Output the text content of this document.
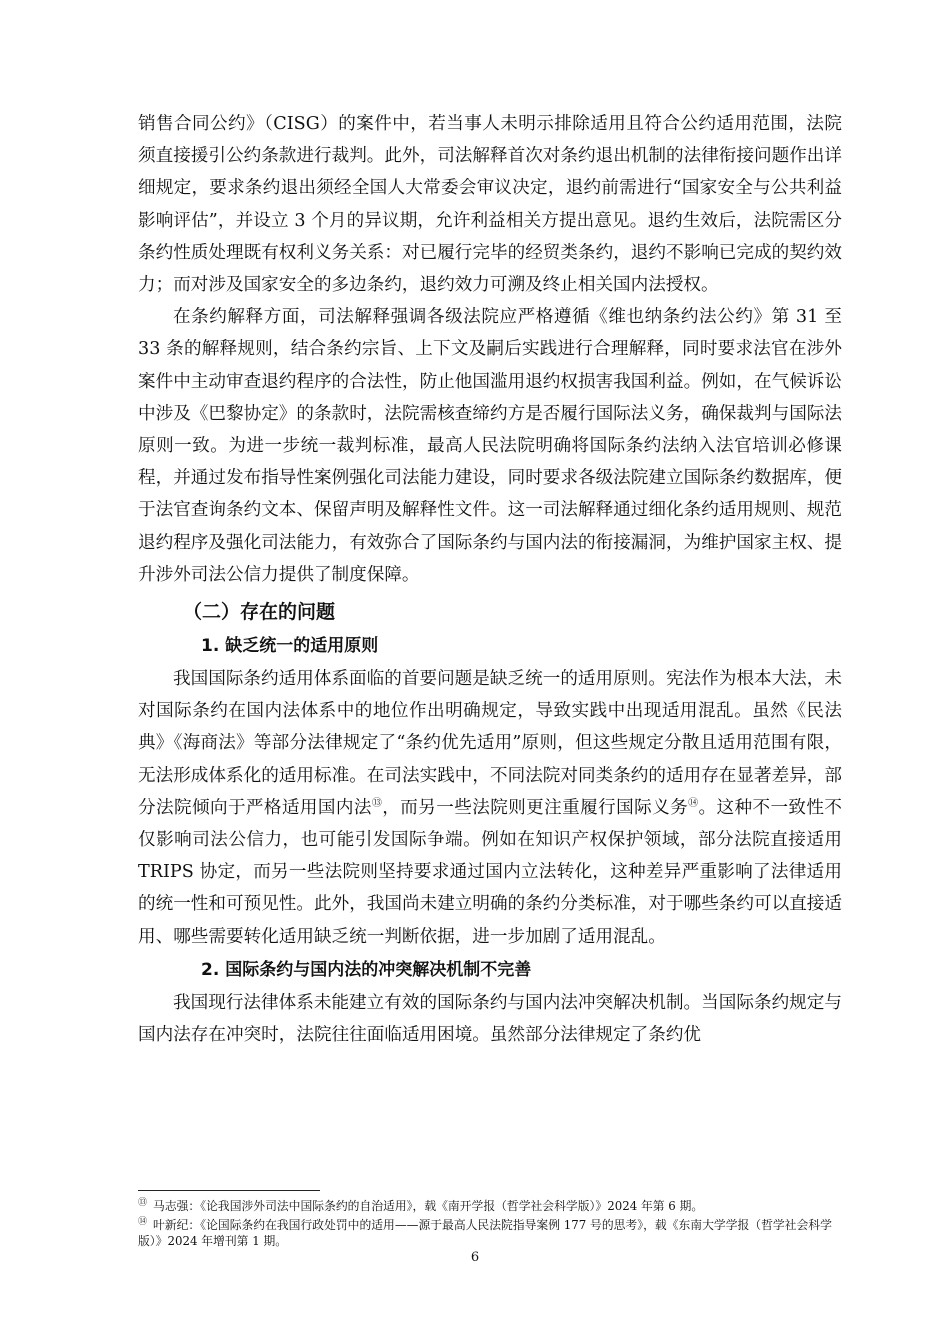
销售合同公约》（CISG）的案件中，若当事人未明示排除适用且符合公约适用范围，法院须直接援引公约条款进行裁判。此外，司法解释首次对条约退出机制的法律衔接问题作出详细规定，要求条约退出须经全国人大常委会审议决定，退约前需进行“国家安全与公共利益影响评估”，并设立 3 个月的异议期，允许利益相关方提出意见。退约生效后，法院需区分条约性质处理既有权利义务关系：对已履行完毕的经贸类条约，退约不影响已完成的契约效力；而对涉及国家安全的多边条约，退约效力可溯及终止相关国内法授权。

在条约解释方面，司法解释强调各级法院应严格遵循《维也纳条约法公约》第 31 至 33 条的解释规则，结合条约宗旨、上下文及嗣后实践进行合理解释，同时要求法官在涉外案件中主动审查退约程序的合法性，防止他国滥用退约权损害我国利益。例如，在气候诉讼中涉及《巴黎协定》的条款时，法院需核查缔约方是否履行国际法义务，确保裁判与国际法原则一致。为进一步统一裁判标准，最高人民法院明确将国际条约法纳入法官培训必修课程，并通过发布指导性案例强化司法能力建设，同时要求各级法院建立国际条约数据库，便于法官查询条约文本、保留声明及解释性文件。这一司法解释通过细化条约适用规则、规范退约程序及强化司法能力，有效弥合了国际条约与国内法的衔接漏洞，为维护国家主权、提升涉外司法公信力提供了制度保障。

（二）存在的问题
1. 缺乏统一的适用原则

我国国际条约适用体系面临的首要问题是缺乏统一的适用原则。宪法作为根本大法，未对国际条约在国内法体系中的地位作出明确规定，导致实践中出现适用混乱。虽然《民法典》《海商法》等部分法律规定了“条约优先适用”原则，但这些规定分散且适用范围有限，无法形成体系化的适用标准。在司法实践中，不同法院对同类条约的适用存在显著差异，部分法院倾向于严格适用国内法⑬，而另一些法院则更注重履行国际义务⑭。这种不一致性不仅影响司法公信力，也可能引发国际争端。例如在知识产权保护领域，部分法院直接适用 TRIPS 协定，而另一些法院则坚持要求通过国内立法转化，这种差异严重影响了法律适用的统一性和可预见性。此外，我国尚未建立明确的条约分类标准，对于哪些条约可以直接适用、哪些需要转化适用缺乏统一判断依据，进一步加剧了适用混乱。

2. 国际条约与国内法的冲突解决机制不完善

我国现行法律体系未能建立有效的国际条约与国内法冲突解决机制。当国际条约规定与国内法存在冲突时，法院往往面临适用困境。虽然部分法律规定了条约优

⑬ 马志强：《论我国涉外司法中国际条约的自治适用》，载《南开学报（哲学社会科学版）》2024 年第 6 期。

⑭ 叶新纪：《论国际条约在我国行政处罚中的适用——源于最高人民法院指导案例 177 号的思考》，载《东南大学学报（哲学社会科学版）》2024 年增刊第 1 期。

6
